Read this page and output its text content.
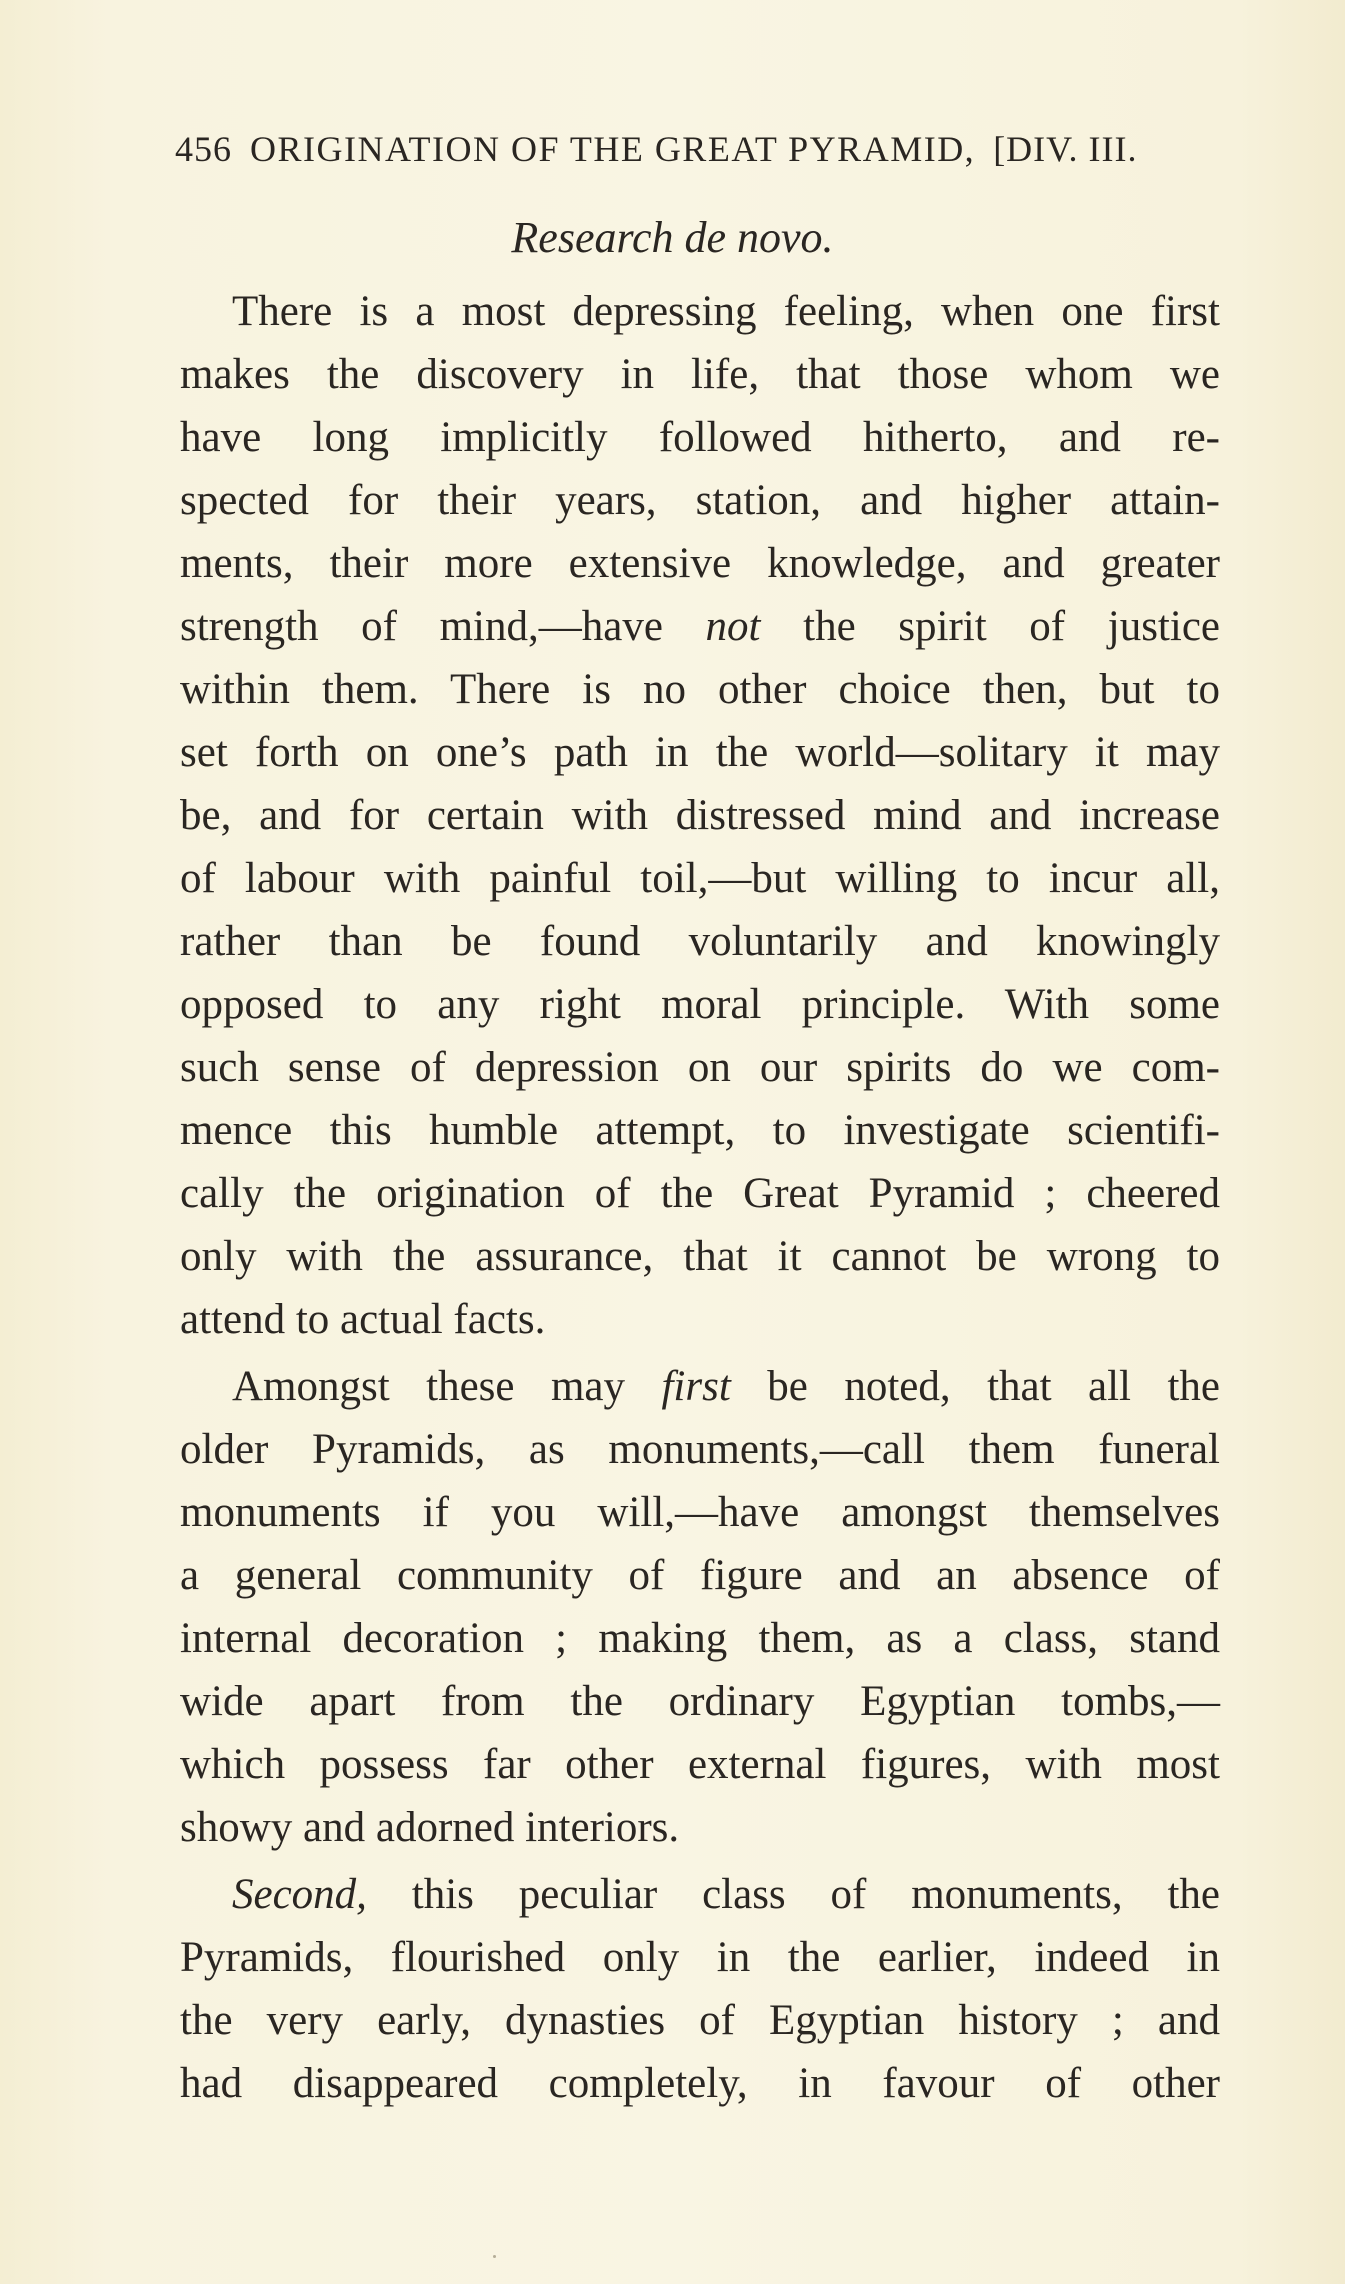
456 ORIGINATION OF THE GREAT PYRAMID, [DIV. III.
Research de novo.
There is a most depressing feeling, when one first
makes the discovery in life, that those whom we
have long implicitly followed hitherto, and re-
spected for their years, station, and higher attain-
ments, their more extensive knowledge, and greater
strength of mind,—have not the spirit of justice
within them. There is no other choice then, but to
set forth on one’s path in the world—solitary it may
be, and for certain with distressed mind and increase
of labour with painful toil,—but willing to incur all,
rather than be found voluntarily and knowingly
opposed to any right moral principle. With some
such sense of depression on our spirits do we com-
mence this humble attempt, to investigate scientifi-
cally the origination of the Great Pyramid ; cheered
only with the assurance, that it cannot be wrong to
attend to actual facts.
Amongst these may first be noted, that all the
older Pyramids, as monuments,—call them funeral
monuments if you will,—have amongst themselves
a general community of figure and an absence of
internal decoration ; making them, as a class, stand
wide apart from the ordinary Egyptian tombs,—
which possess far other external figures, with most
showy and adorned interiors.
Second, this peculiar class of monuments, the
Pyramids, flourished only in the earlier, indeed in
the very early, dynasties of Egyptian history ; and
had disappeared completely, in favour of other
